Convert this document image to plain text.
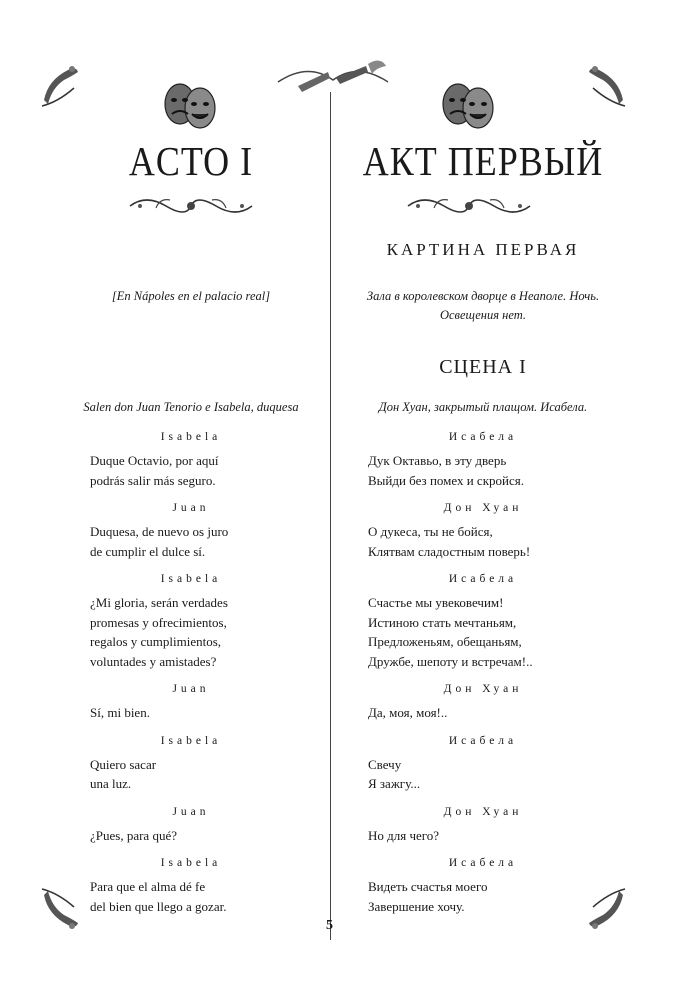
ACTO I
[En Nápoles en el palacio real]
Salen don Juan Tenorio e Isabela, duquesa
Isabela
Duque Octavio, por aquí
podrás salir más seguro.
Juan
Duquesa, de nuevo os juro
de cumplir el dulce sí.
Isabela
¿Mi gloria, serán verdades
promesas y ofrecimientos,
regalos y cumplimientos,
voluntades y amistades?
Juan
Sí, mi bien.
Isabela
Quiero sacar
una luz.
Juan
¿Pues, para qué?
Isabela
Para que el alma dé fe
del bien que llego a gozar.
АКТ ПЕРВЫЙ
КАРТИНА ПЕРВАЯ
Зала в королевском дворце в Неаполе. Ночь.
Освещения нет.
СЦЕНА I
Дон Хуан, закрытый плащом. Исабела.
Исабела
Дук Октавьо, в эту дверь
Выйди без помех и скройся.
Дон Хуан
О дукеса, ты не бойся,
Клятвам сладостным поверь!
Исабела
Счастье мы увековечим!
Истиною стать мечтаньям,
Предложеньям, обещаньям,
Дружбе, шепоту и встречам!..
Дон Хуан
Да, моя, моя!..
Исабела
Свечу
Я зажгу...
Дон Хуан
Но для чего?
Исабела
Видеть счастья моего
Завершение хочу.
5
